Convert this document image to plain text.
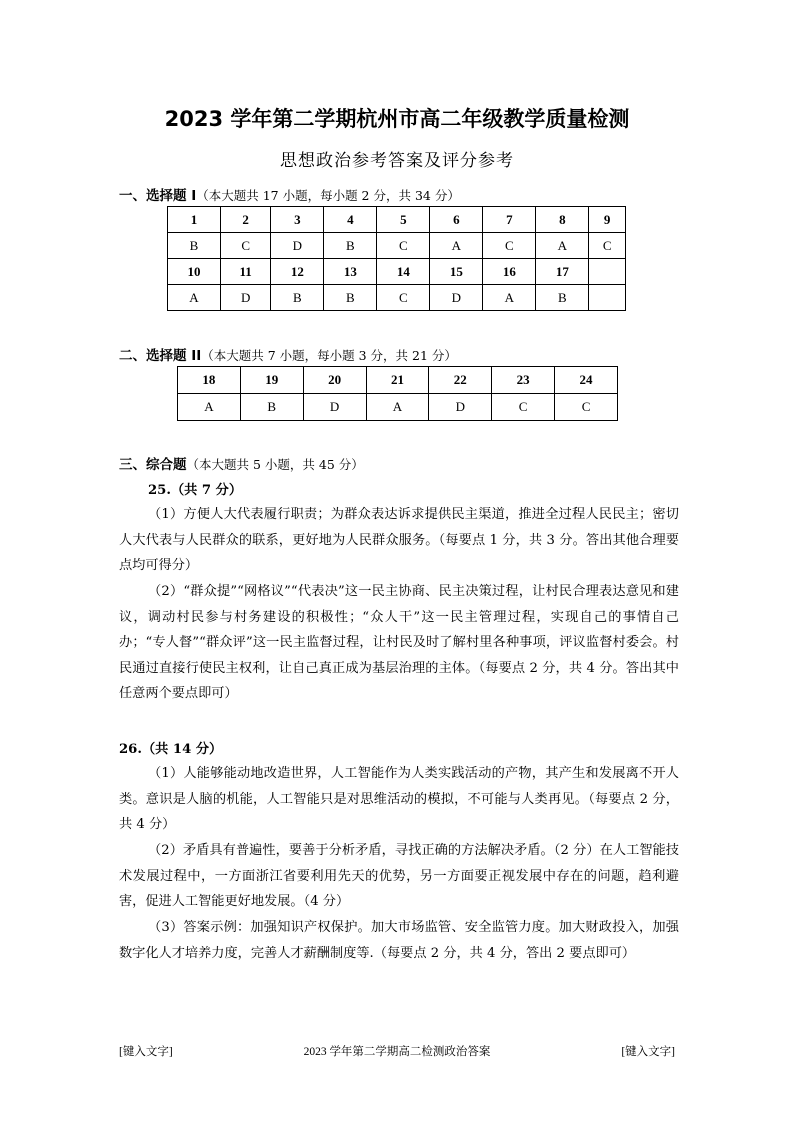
2023 学年第二学期杭州市高二年级教学质量检测
思想政治参考答案及评分参考
一、选择题 I（本大题共 17 小题，每小题 2 分，共 34 分）
1	2	3	4	5	6	7	8	9
B	C	D	B	C	A	C	A	C
10	11	12	13	14	15	16	17	
A	D	B	B	C	D	A	B	
二、选择题 II（本大题共 7 小题，每小题 3 分，共 21 分）
18	19	20	21	22	23	24
A	B	D	A	D	C	C
三、综合题（本大题共 5 小题，共 45 分）
25.（共 7 分）
（1）方便人大代表履行职责；为群众表达诉求提供民主渠道，推进全过程人民民主；密切人大代表与人民群众的联系，更好地为人民群众服务。（每要点 1 分，共 3 分。答出其他合理要点均可得分）
（2）“群众提”“网格议”“代表决”这一民主协商、民主决策过程，让村民合理表达意见和建议，调动村民参与村务建设的积极性；“众人干”这一民主管理过程，实现自己的事情自己办；“专人督”“群众评”这一民主监督过程，让村民及时了解村里各种事项，评议监督村委会。村民通过直接行使民主权利，让自己真正成为基层治理的主体。（每要点 2 分，共 4 分。答出其中任意两个要点即可）
26.（共 14 分）
（1）人能够能动地改造世界，人工智能作为人类实践活动的产物，其产生和发展离不开人类。意识是人脑的机能，人工智能只是对思维活动的模拟，不可能与人类再见。（每要点 2 分，共 4 分）
（2）矛盾具有普遍性，要善于分析矛盾，寻找正确的方法解决矛盾。（2 分）在人工智能技术发展过程中，一方面浙江省要利用先天的优势，另一方面要正视发展中存在的问题，趋利避害，促进人工智能更好地发展。（4 分）
（3）答案示例：加强知识产权保护。加大市场监管、安全监管力度。加大财政投入，加强数字化人才培养力度，完善人才薪酬制度等.（每要点 2 分，共 4 分，答出 2 要点即可）
[键入文字]	2023 学年第二学期高二检测政治答案	[键入文字]
